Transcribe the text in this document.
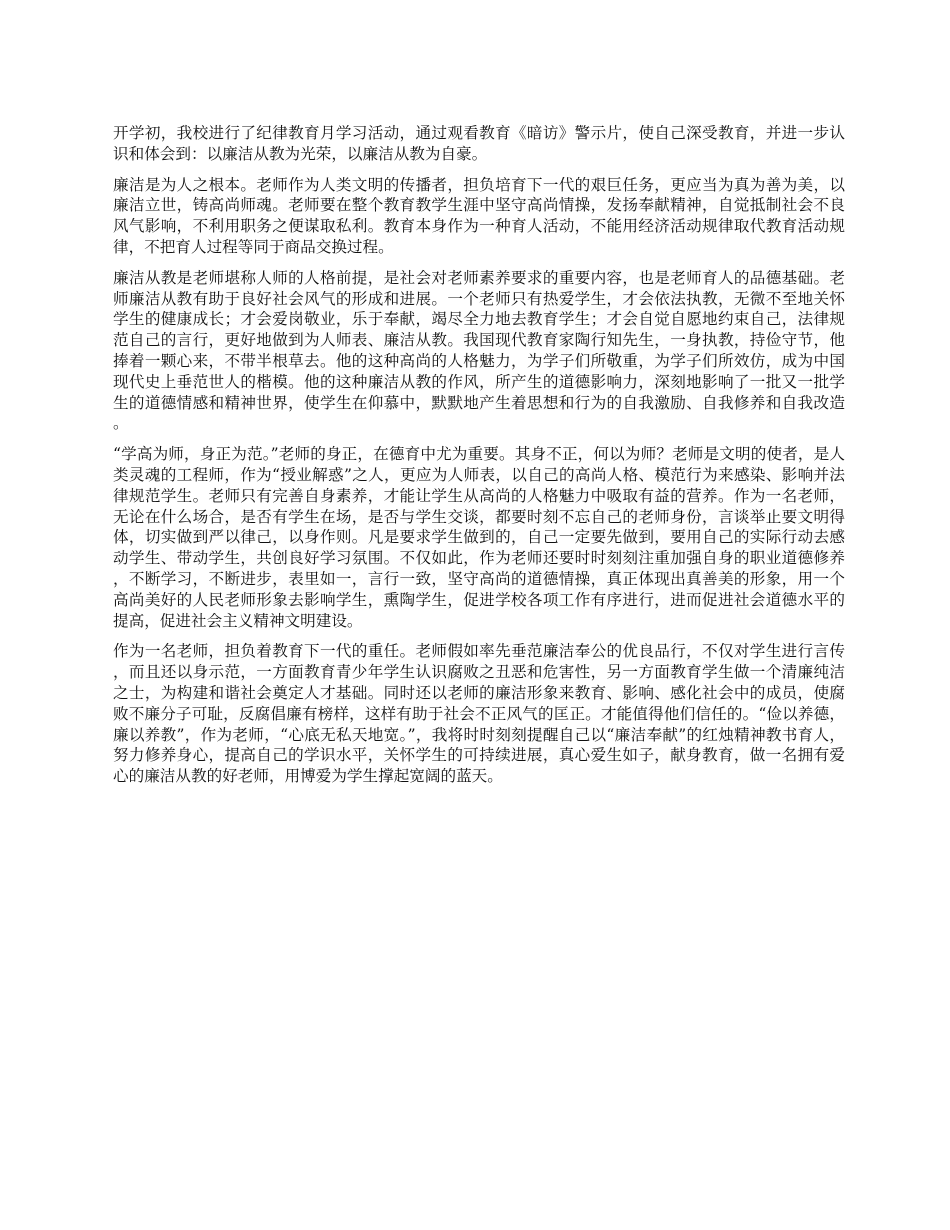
开学初，我校进行了纪律教育月学习活动，通过观看教育《暗访》警示片，使自己深受教育，并进一步认识和体会到：以廉洁从教为光荣，以廉洁从教为自豪。

廉洁是为人之根本。老师作为人类文明的传播者，担负培育下一代的艰巨任务，更应当为真为善为美，以廉洁立世，铸高尚师魂。老师要在整个教育教学生涯中坚守高尚情操，发扬奉献精神，自觉抵制社会不良风气影响，不利用职务之便谋取私利。教育本身作为一种育人活动，不能用经济活动规律取代教育活动规律，不把育人过程等同于商品交换过程。

廉洁从教是老师堪称人师的人格前提，是社会对老师素养要求的重要内容，也是老师育人的品德基础。老师廉洁从教有助于良好社会风气的形成和进展。一个老师只有热爱学生，才会依法执教，无微不至地关怀学生的健康成长；才会爱岗敬业，乐于奉献，竭尽全力地去教育学生；才会自觉自愿地约束自己，法律规范自己的言行，更好地做到为人师表、廉洁从教。我国现代教育家陶行知先生，一身执教，持俭守节，他捧着一颗心来，不带半根草去。他的这种高尚的人格魅力，为学子们所敬重，为学子们所效仿，成为中国现代史上垂范世人的楷模。他的这种廉洁从教的作风，所产生的道德影响力，深刻地影响了一批又一批学生的道德情感和精神世界，使学生在仰慕中，默默地产生着思想和行为的自我激励、自我修养和自我改造。

“学高为师，身正为范。”老师的身正，在德育中尤为重要。其身不正，何以为师？老师是文明的使者，是人类灵魂的工程师，作为“授业解惑”之人，更应为人师表，以自己的高尚人格、模范行为来感染、影响并法律规范学生。老师只有完善自身素养，才能让学生从高尚的人格魅力中吸取有益的营养。作为一名老师，无论在什么场合，是否有学生在场，是否与学生交谈，都要时刻不忘自己的老师身份，言谈举止要文明得体，切实做到严以律己，以身作则。凡是要求学生做到的，自己一定要先做到，要用自己的实际行动去感动学生、带动学生，共创良好学习氛围。不仅如此，作为老师还要时时刻刻注重加强自身的职业道德修养，不断学习，不断进步，表里如一，言行一致，坚守高尚的道德情操，真正体现出真善美的形象，用一个高尚美好的人民老师形象去影响学生，熏陶学生，促进学校各项工作有序进行，进而促进社会道德水平的提高，促进社会主义精神文明建设。

作为一名老师，担负着教育下一代的重任。老师假如率先垂范廉洁奉公的优良品行，不仅对学生进行言传，而且还以身示范，一方面教育青少年学生认识腐败之丑恶和危害性，另一方面教育学生做一个清廉纯洁之士，为构建和谐社会奠定人才基础。同时还以老师的廉洁形象来教育、影响、感化社会中的成员，使腐败不廉分子可耻，反腐倡廉有榜样，这样有助于社会不正风气的匡正。才能值得他们信任的。“俭以养德，廉以养教”，作为老师，“心底无私天地宽。”，我将时时刻刻提醒自己以“廉洁奉献”的红烛精神教书育人，努力修养身心，提高自己的学识水平，关怀学生的可持续进展，真心爱生如子，献身教育，做一名拥有爱心的廉洁从教的好老师，用博爱为学生撑起宽阔的蓝天。
